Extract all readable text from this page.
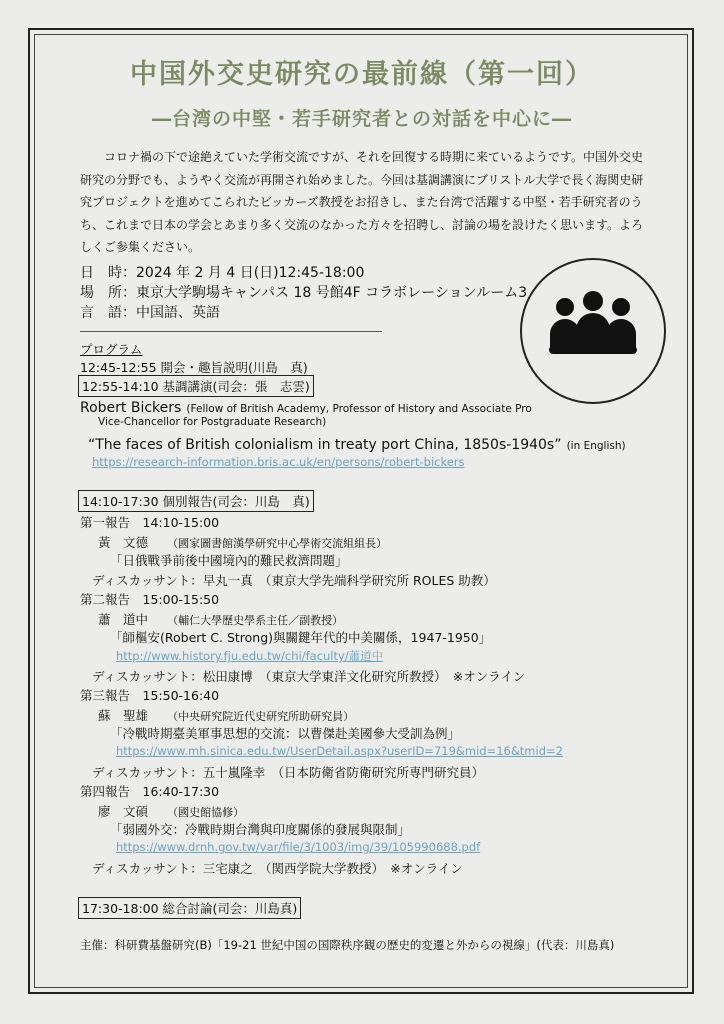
中国外交史研究の最前線（第一回）
―台湾の中堅・若手研究者との対話を中心に―
コロナ禍の下で途絶えていた学術交流ですが、それを回復する時期に来ているようです。中国外交史研究の分野でも、ようやく交流が再開され始めました。今回は基調講演にブリストル大学で長く海関史研究プロジェクトを進めてこられたビッカーズ教授をお招きし、また台湾で活躍する中堅・若手研究者のうち、これまで日本の学会とあまり多く交流のなかった方々を招聘し、討論の場を設けたく思います。よろしくご参集ください。
日　時：2024 年 2 月 4 日(日)12:45-18:00
場　所：東京大学駒場キャンパス 18 号館4F コラボレーションルーム3
言　語：中国語、英語
プログラム
12:45-12:55 開会・趣旨説明(川島　真)
12:55-14:10 基調講演(司会：張　志雲)
Robert Bickers (Fellow of British Academy, Professor of History and Associate Pro
Vice-Chancellor for Postgraduate Research)
“The faces of British colonialism in treaty port China, 1850s-1940s” (in English)
https://research-information.bris.ac.uk/en/persons/robert-bickers
14:10-17:30 個別報告(司会：川島　真)
第一報告　14:10-15:00
黃　文德 （國家圖書館漢學研究中心學術交流組組長）
「日俄戰爭前後中國境內的難民救濟問題」
ディスカッサント：早丸一真　（東京大学先端科学研究所 ROLES 助教）
第二報告　15:00-15:50
蕭　道中 （輔仁大學歷史學系主任／副教授）
「師樞安(Robert C. Strong)與關鍵年代的中美關係，1947-1950」
http://www.history.fju.edu.tw/chi/faculty/蕭道中
ディスカッサント：松田康博　（東京大学東洋文化研究所教授）　※オンライン
第三報告　15:50-16:40
蘇　聖雄 （中央研究院近代史研究所助研究員）
「冷戰時期臺美軍事思想的交流：以曹傑赴美國參大受訓為例」
https://www.mh.sinica.edu.tw/UserDetail.aspx?userID=719&mid=16&tmid=2
ディスカッサント：五十嵐隆幸　（日本防衛省防衛研究所専門研究員）
第四報告　16:40-17:30
廖　文碩 （國史館協修）
「弱國外交：冷戰時期台灣與印度關係的發展與限制」
https://www.drnh.gov.tw/var/file/3/1003/img/39/105990688.pdf
ディスカッサント：三宅康之　（関西学院大学教授）　※オンライン
17:30-18:00 総合討論(司会：川島真)
主催：科研費基盤研究(B)「19-21 世紀中国の国際秩序観の歴史的変遷と外からの視線」(代表：川島真)
